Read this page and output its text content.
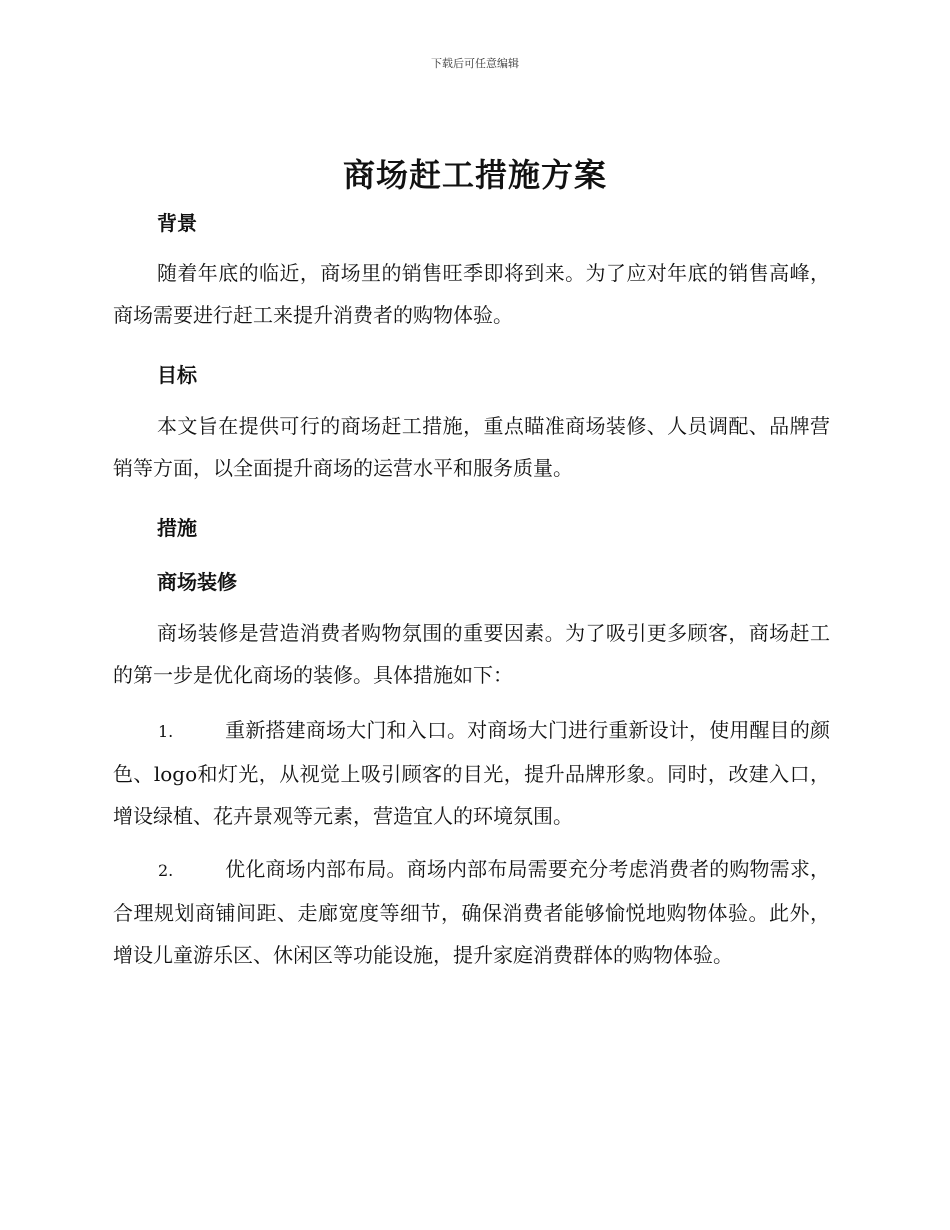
下载后可任意编辑
商场赶工措施方案
背景
随着年底的临近，商场里的销售旺季即将到来。为了应对年底的销售高峰，商场需要进行赶工来提升消费者的购物体验。
目标
本文旨在提供可行的商场赶工措施，重点瞄准商场装修、人员调配、品牌营销等方面，以全面提升商场的运营水平和服务质量。
措施
商场装修
商场装修是营造消费者购物氛围的重要因素。为了吸引更多顾客，商场赶工的第一步是优化商场的装修。具体措施如下：
1.	重新搭建商场大门和入口。对商场大门进行重新设计，使用醒目的颜色、logo和灯光，从视觉上吸引顾客的目光，提升品牌形象。同时，改建入口，增设绿植、花卉景观等元素，营造宜人的环境氛围。
2.	优化商场内部布局。商场内部布局需要充分考虑消费者的购物需求，合理规划商铺间距、走廊宽度等细节，确保消费者能够愉悦地购物体验。此外，增设儿童游乐区、休闲区等功能设施，提升家庭消费群体的购物体验。
